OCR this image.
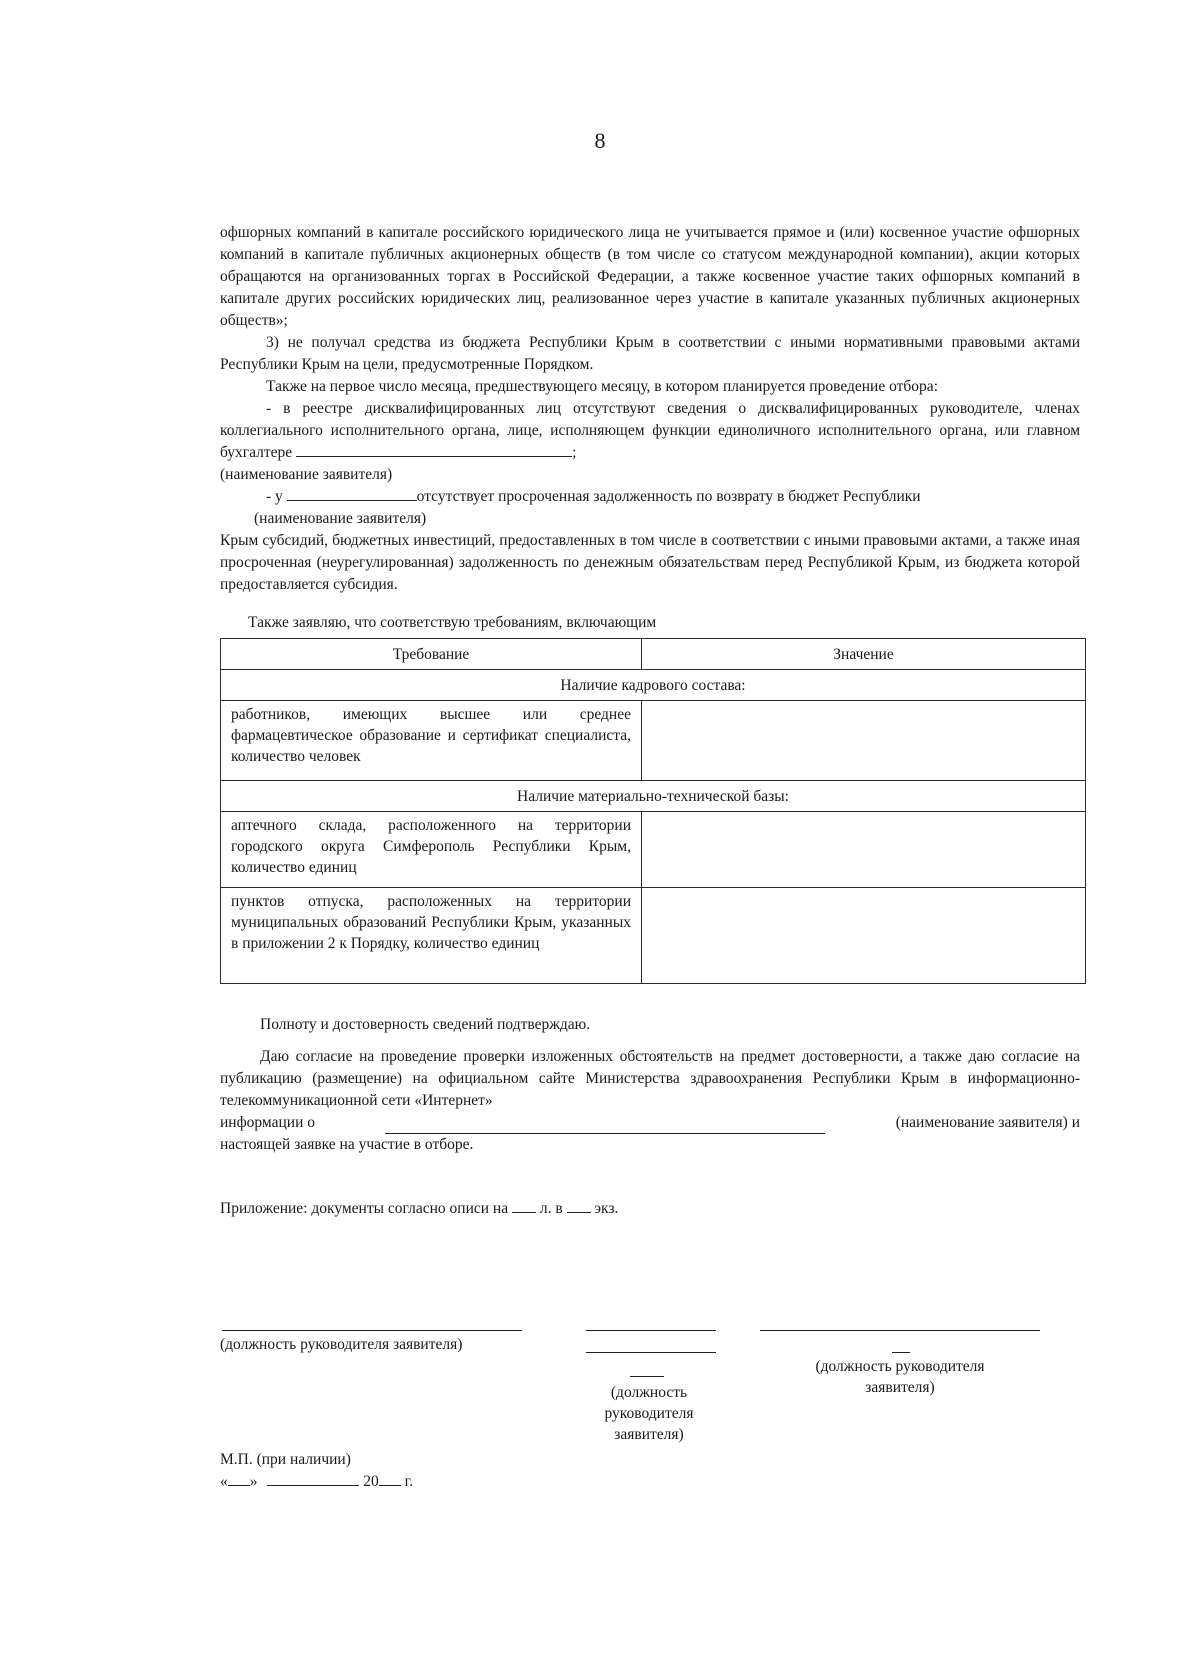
8

офшорных компаний в капитале российского юридического лица не учитывается прямое и (или) косвенное участие офшорных компаний в капитале публичных акционерных обществ (в том числе со статусом международной компании), акции которых обращаются на организованных торгах в Российской Федерации, а также косвенное участие таких офшорных компаний в капитале других российских юридических лиц, реализованное через участие в капитале указанных публичных акционерных обществ»;

3) не получал средства из бюджета Республики Крым в соответствии с иными нормативными правовыми актами Республики Крым на цели, предусмотренные Порядком.

Также на первое число месяца, предшествующего месяцу, в котором планируется проведение отбора:

- в реестре дисквалифицированных лиц отсутствуют сведения о дисквалифицированных руководителе, членах коллегиального исполнительного органа, лице, исполняющем функции единоличного исполнительного органа, или главном бухгалтере	;

(наименование заявителя)

- у	отсутствует просроченная задолженность по возврату в бюджет Республики

(наименование заявителя)

Крым субсидий, бюджетных инвестиций, предоставленных в том числе в соответствии с иными правовыми актами, а также иная просроченная (неурегулированная) задолженность по денежным обязательствам перед Республикой Крым, из бюджета которой предоставляется субсидия.

Также заявляю, что соответствую требованиям, включающим

Требование	Значение
Наличие кадрового состава:	
работников, имеющих высшее или среднее фармацевтическое образование и сертификат специалиста, количество человек	
Наличие материально-технической базы:	
аптечного склада, расположенного на территории городского округа Симферополь Республики Крым, количество единиц	
пунктов отпуска, расположенных на территории муниципальных образований Республики Крым, указанных в приложении 2 к Порядку, количество единиц	

Полноту и достоверность сведений подтверждаю.

Даю согласие на проведение проверки изложенных обстоятельств на предмет достоверности, а также даю согласие на публикацию (размещение) на официальном сайте Министерства здравоохранения Республики Крым в информационно-телекоммуникационной сети «Интернет»

информации о	(наименование заявителя) и

настоящей заявке на участие в отборе.

Приложение: документы согласно описи на л. в экз.

(должность руководителя заявителя)
(должность
руководителя
заявителя)
(должность руководителя
заявителя)
М.П. (при наличии)
« »	20 г.
